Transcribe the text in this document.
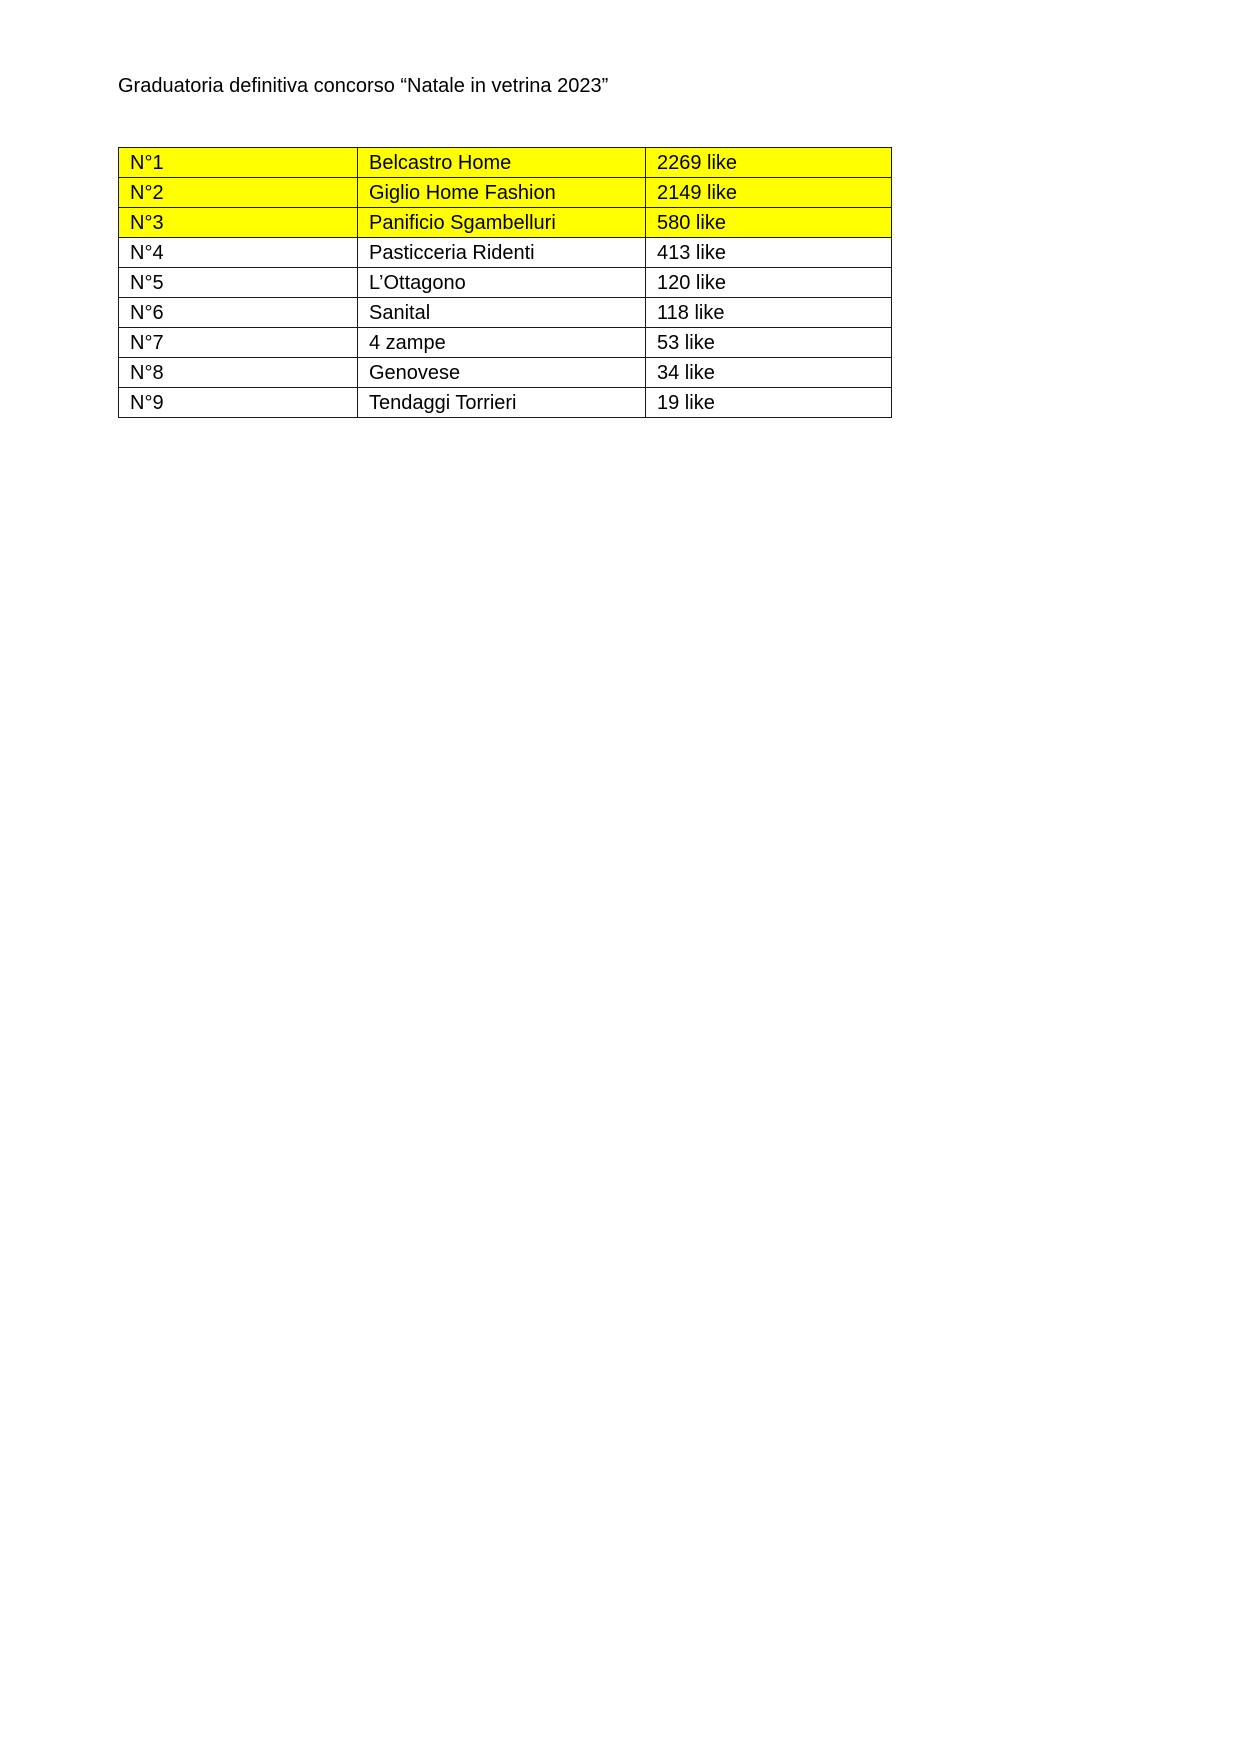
Graduatoria definitiva concorso “Natale in vetrina 2023”
N°1	Belcastro Home	2269 like
N°2	Giglio Home Fashion	2149 like
N°3	Panificio Sgambelluri	580 like
N°4	Pasticceria Ridenti	413 like
N°5	L’Ottagono	120 like
N°6	Sanital	118 like
N°7	4 zampe	53 like
N°8	Genovese	34 like
N°9	Tendaggi Torrieri	19 like
